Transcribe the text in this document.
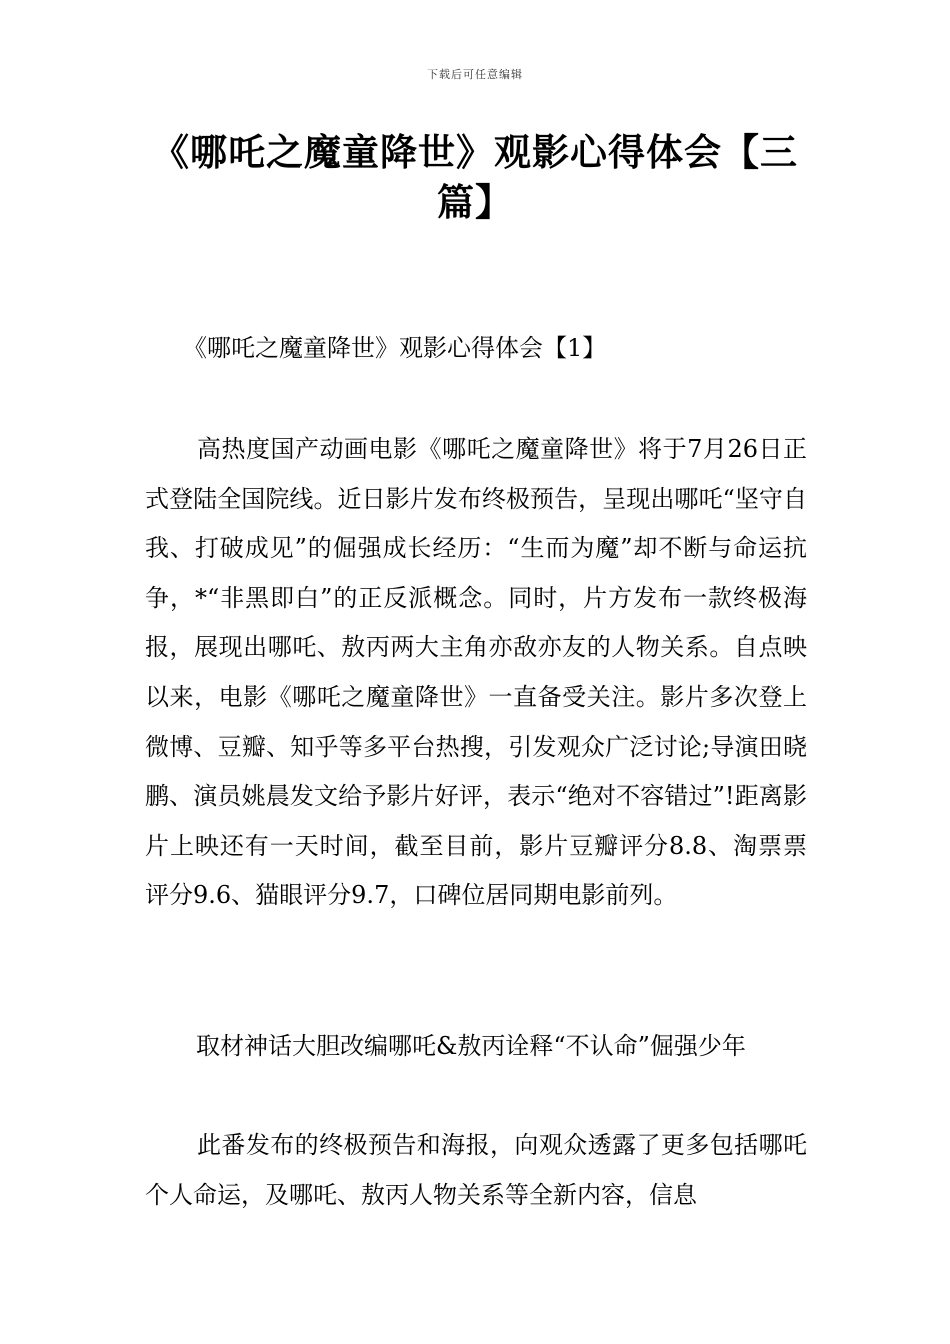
下载后可任意编辑
《哪吒之魔童降世》观影心得体会【三篇】
《哪吒之魔童降世》观影心得体会【1】

高热度国产动画电影《哪吒之魔童降世》将于7月26日正式登陆全国院线。近日影片发布终极预告，呈现出哪吒“坚守自我、打破成见”的倔强成长经历：“生而为魔”却不断与命运抗争，*“非黑即白”的正反派概念。同时，片方发布一款终极海报，展现出哪吒、敖丙两大主角亦敌亦友的人物关系。自点映以来，电影《哪吒之魔童降世》一直备受关注。影片多次登上微博、豆瓣、知乎等多平台热搜，引发观众广泛讨论;导演田晓鹏、演员姚晨发文给予影片好评，表示“绝对不容错过”!距离影片上映还有一天时间，截至目前，影片豆瓣评分8.8、淘票票评分9.6、猫眼评分9.7，口碑位居同期电影前列。

取材神话大胆改编哪吒&敖丙诠释“不认命”倔强少年

此番发布的终极预告和海报，向观众透露了更多包括哪吒个人命运，及哪吒、敖丙人物关系等全新内容，信息
